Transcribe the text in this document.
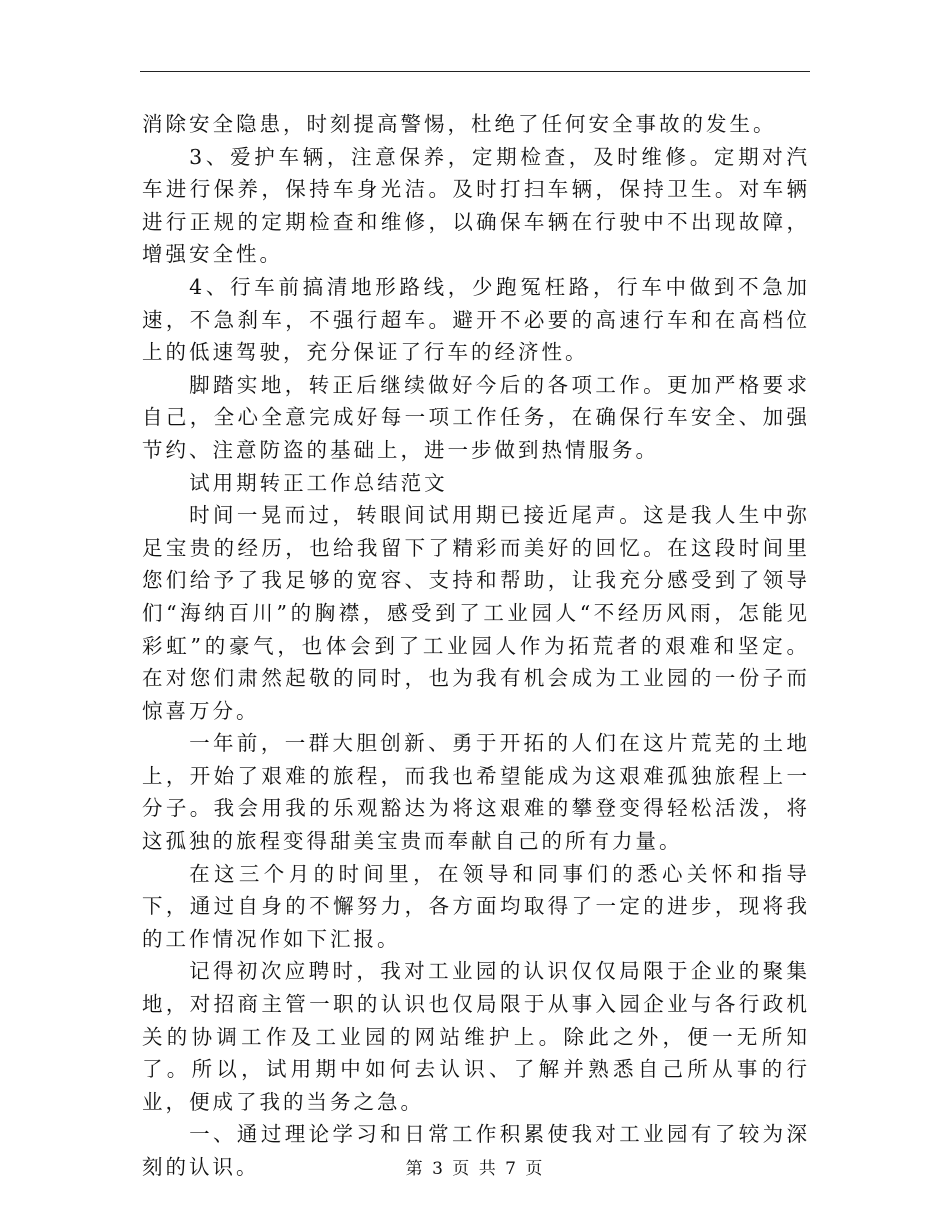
消除安全隐患，时刻提高警惕，杜绝了任何安全事故的发生。

3、爱护车辆，注意保养，定期检查，及时维修。定期对汽车进行保养，保持车身光洁。及时打扫车辆，保持卫生。对车辆进行正规的定期检查和维修，以确保车辆在行驶中不出现故障，增强安全性。

4、行车前搞清地形路线，少跑冤枉路，行车中做到不急加速，不急刹车，不强行超车。避开不必要的高速行车和在高档位上的低速驾驶，充分保证了行车的经济性。

脚踏实地，转正后继续做好今后的各项工作。更加严格要求自己，全心全意完成好每一项工作任务，在确保行车安全、加强节约、注意防盗的基础上，进一步做到热情服务。

试用期转正工作总结范文

时间一晃而过，转眼间试用期已接近尾声。这是我人生中弥足宝贵的经历，也给我留下了精彩而美好的回忆。在这段时间里您们给予了我足够的宽容、支持和帮助，让我充分感受到了领导们“海纳百川”的胸襟，感受到了工业园人“不经历风雨，怎能见彩虹”的豪气，也体会到了工业园人作为拓荒者的艰难和坚定。在对您们肃然起敬的同时，也为我有机会成为工业园的一份子而惊喜万分。

一年前，一群大胆创新、勇于开拓的人们在这片荒芜的土地上，开始了艰难的旅程，而我也希望能成为这艰难孤独旅程上一分子。我会用我的乐观豁达为将这艰难的攀登变得轻松活泼，将这孤独的旅程变得甜美宝贵而奉献自己的所有力量。

在这三个月的时间里，在领导和同事们的悉心关怀和指导下，通过自身的不懈努力，各方面均取得了一定的进步，现将我的工作情况作如下汇报。

记得初次应聘时，我对工业园的认识仅仅局限于企业的聚集地，对招商主管一职的认识也仅局限于从事入园企业与各行政机关的协调工作及工业园的网站维护上。除此之外，便一无所知了。所以，试用期中如何去认识、了解并熟悉自己所从事的行业，便成了我的当务之急。

一、通过理论学习和日常工作积累使我对工业园有了较为深刻的认识。	第 3 页 共 7 页
